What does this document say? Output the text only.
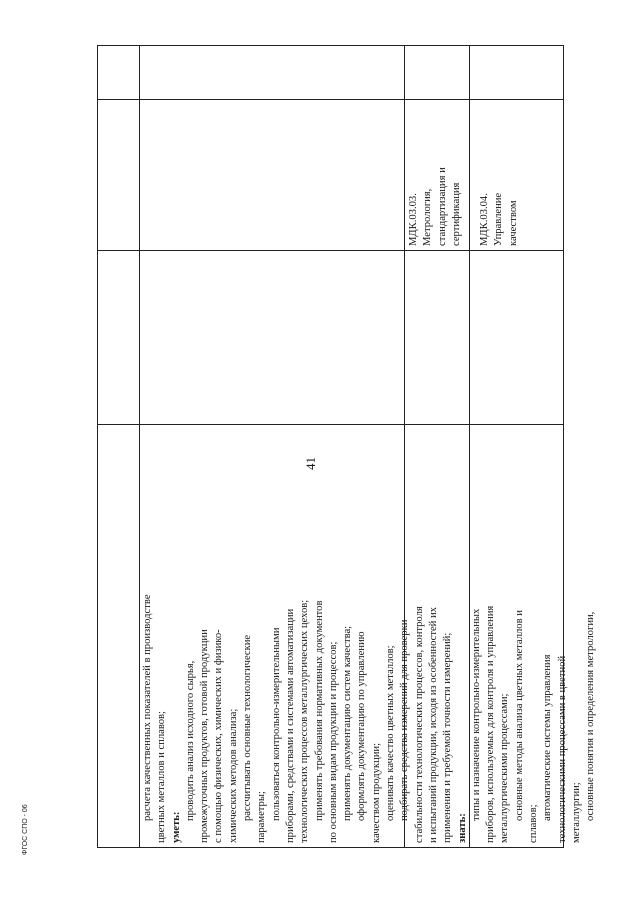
41
ФГОС СПО - 06

расчета качественных показателей в производстве цветных металлов и сплавов; уметь:

проводить анализ исходного сырья, промежуточных продуктов, готовой продукции с помощью физических, химических и физико- химических методов анализа; рассчитывать основные технологические параметры; пользоваться контрольно-измерительными приборами, средствами и системами автоматизации технологических процессов металлургических цехов; применять требования нормативных документов по основным видам продукции и процессов; применять документацию систем качества; оформлять документацию по управлению качеством продукции; оценивать качество цветных металлов; подбирать средства измерений для проверки стабильности технологических процессов, контроля и испытаний продукции, исходя из особенностей их применения и требуемой точности измерений; знать:

типы и назначение контрольно-измерительных приборов, используемых для контроля и управления металлургическими процессами; основные методы анализа цветных металлов и

сплавов;

автоматические системы управления технологическими процессами в цветной металлургии; основные понятия и определения метрологии,

МДК.03.03. Метрология, стандартизация и сертификация МДК.03.04. Управление качеством
